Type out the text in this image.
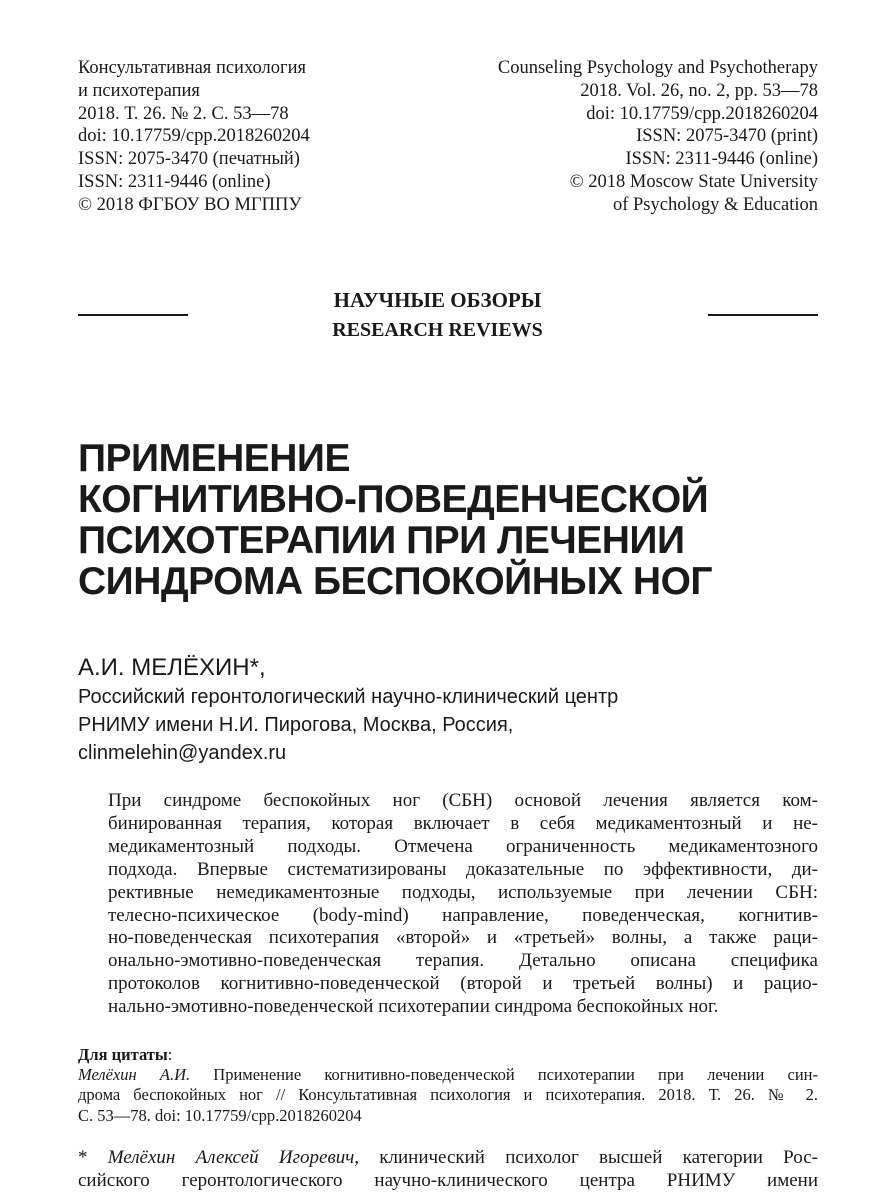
Консультативная психология
и психотерапия
2018. Т. 26. № 2. С. 53—78
doi: 10.17759/cpp.2018260204
ISSN: 2075-3470 (печатный)
ISSN: 2311-9446 (online)
© 2018 ФГБОУ ВО МГППУ
Counseling Psychology and Psychotherapy
2018. Vol. 26, no. 2, pp. 53—78
doi: 10.17759/cpp.2018260204
ISSN: 2075-3470 (print)
ISSN: 2311-9446 (online)
© 2018 Moscow State University
of Psychology & Education
НАУЧНЫЕ ОБЗОРЫ
RESEARCH REVIEWS
ПРИМЕНЕНИЕ
КОГНИТИВНО-ПОВЕДЕНЧЕСКОЙ
ПСИХОТЕРАПИИ ПРИ ЛЕЧЕНИИ
СИНДРОМА БЕСПОКОЙНЫХ НОГ
А.И. МЕЛЁХИН*,
Российский геронтологический научно-клинический центр
РНИМУ имени Н.И. Пирогова, Москва, Россия,
clinmelehin@yandex.ru
При синдроме беспокойных ног (СБН) основой лечения является ком-
бинированная терапия, которая включает в себя медикаментозный и не-
медикаментозный подходы. Отмечена ограниченность медикаментозного
подхода. Впервые систематизированы доказательные по эффективности, ди-
рективные немедикаментозные подходы, используемые при лечении СБН:
телесно-психическое (body-mind) направление, поведенческая, когнитив-
но-поведенческая психотерапия «второй» и «третьей» волны, а также раци-
онально-эмотивно-поведенческая терапия. Детально описана специфика
протоколов когнитивно-поведенческой (второй и третьей волны) и рацио-
нально-эмотивно-поведенческой психотерапии синдрома беспокойных ног.
Для цитаты:
Мелёхин А.И. Применение когнитивно-поведенческой психотерапии при лечении син-
дрома беспокойных ног // Консультативная психология и психотерапия. 2018. Т. 26. № 2.
С. 53—78. doi: 10.17759/cpp.2018260204
* Мелёхин Алексей Игоревич, клинический психолог высшей категории Рос-
сийского геронтологического научно-клинического центра РНИМУ имени
